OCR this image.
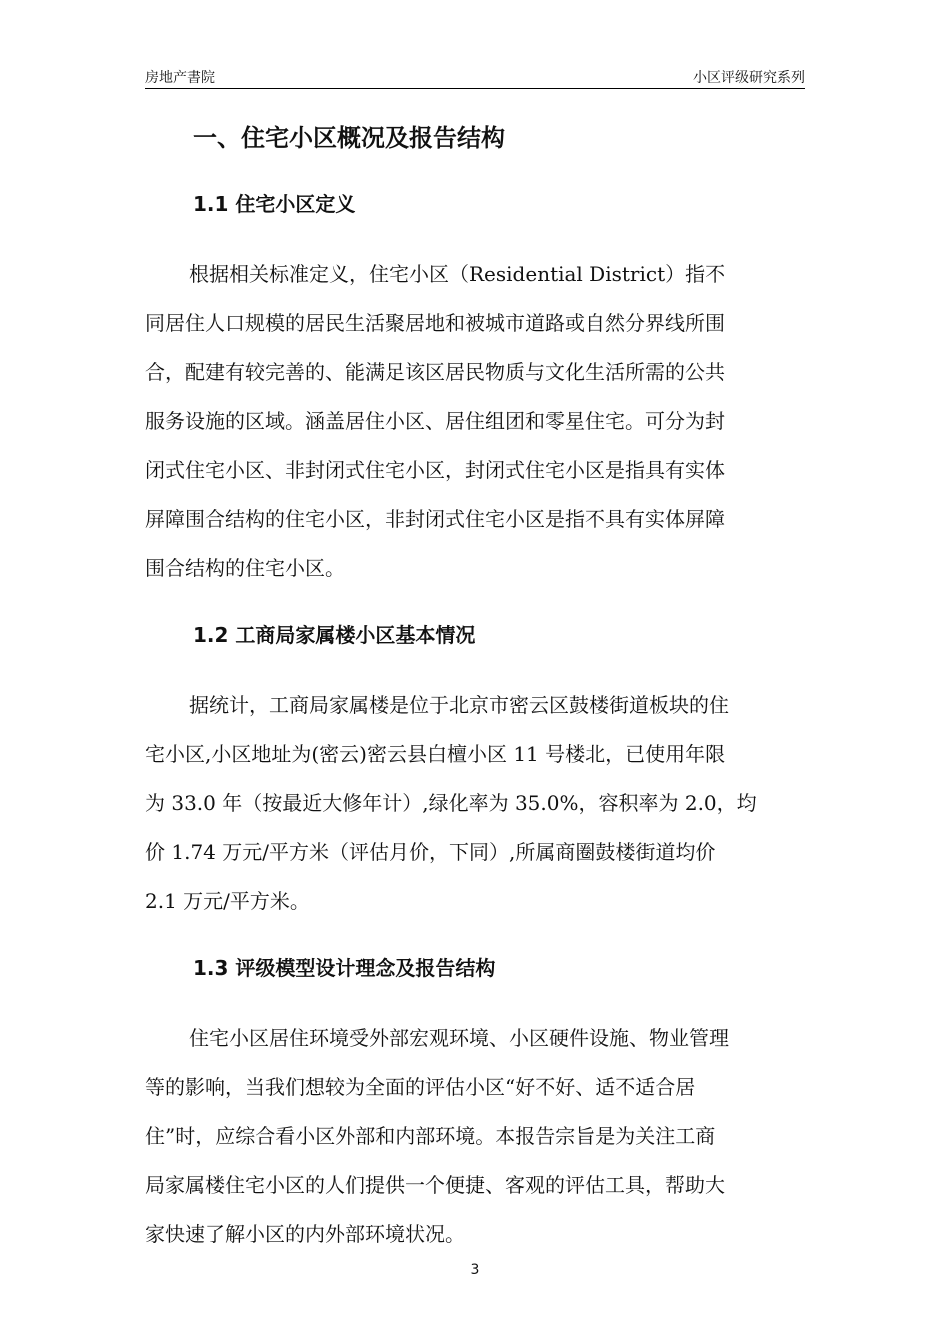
房地产書院	小区评级研究系列
一、住宅小区概况及报告结构
1.1 住宅小区定义

根据相关标准定义，住宅小区（Residential District）指不
同居住人口规模的居民生活聚居地和被城市道路或自然分界线所围
合，配建有较完善的、能满足该区居民物质与文化生活所需的公共
服务设施的区域。涵盖居住小区、居住组团和零星住宅。可分为封
闭式住宅小区、非封闭式住宅小区，封闭式住宅小区是指具有实体
屏障围合结构的住宅小区，非封闭式住宅小区是指不具有实体屏障
围合结构的住宅小区。

1.2 工商局家属楼小区基本情况

据统计，工商局家属楼是位于北京市密云区鼓楼街道板块的住
宅小区,小区地址为(密云)密云县白檀小区 11 号楼北，已使用年限
为 33.0 年（按最近大修年计）,绿化率为 35.0%，容积率为 2.0，均
价 1.74 万元/平方米（评估月价，下同）,所属商圈鼓楼街道均价
2.1 万元/平方米。

1.3 评级模型设计理念及报告结构

住宅小区居住环境受外部宏观环境、小区硬件设施、物业管理
等的影响，当我们想较为全面的评估小区“好不好、适不适合居
住”时，应综合看小区外部和内部环境。本报告宗旨是为关注工商
局家属楼住宅小区的人们提供一个便捷、客观的评估工具，帮助大
家快速了解小区的内外部环境状况。

3
